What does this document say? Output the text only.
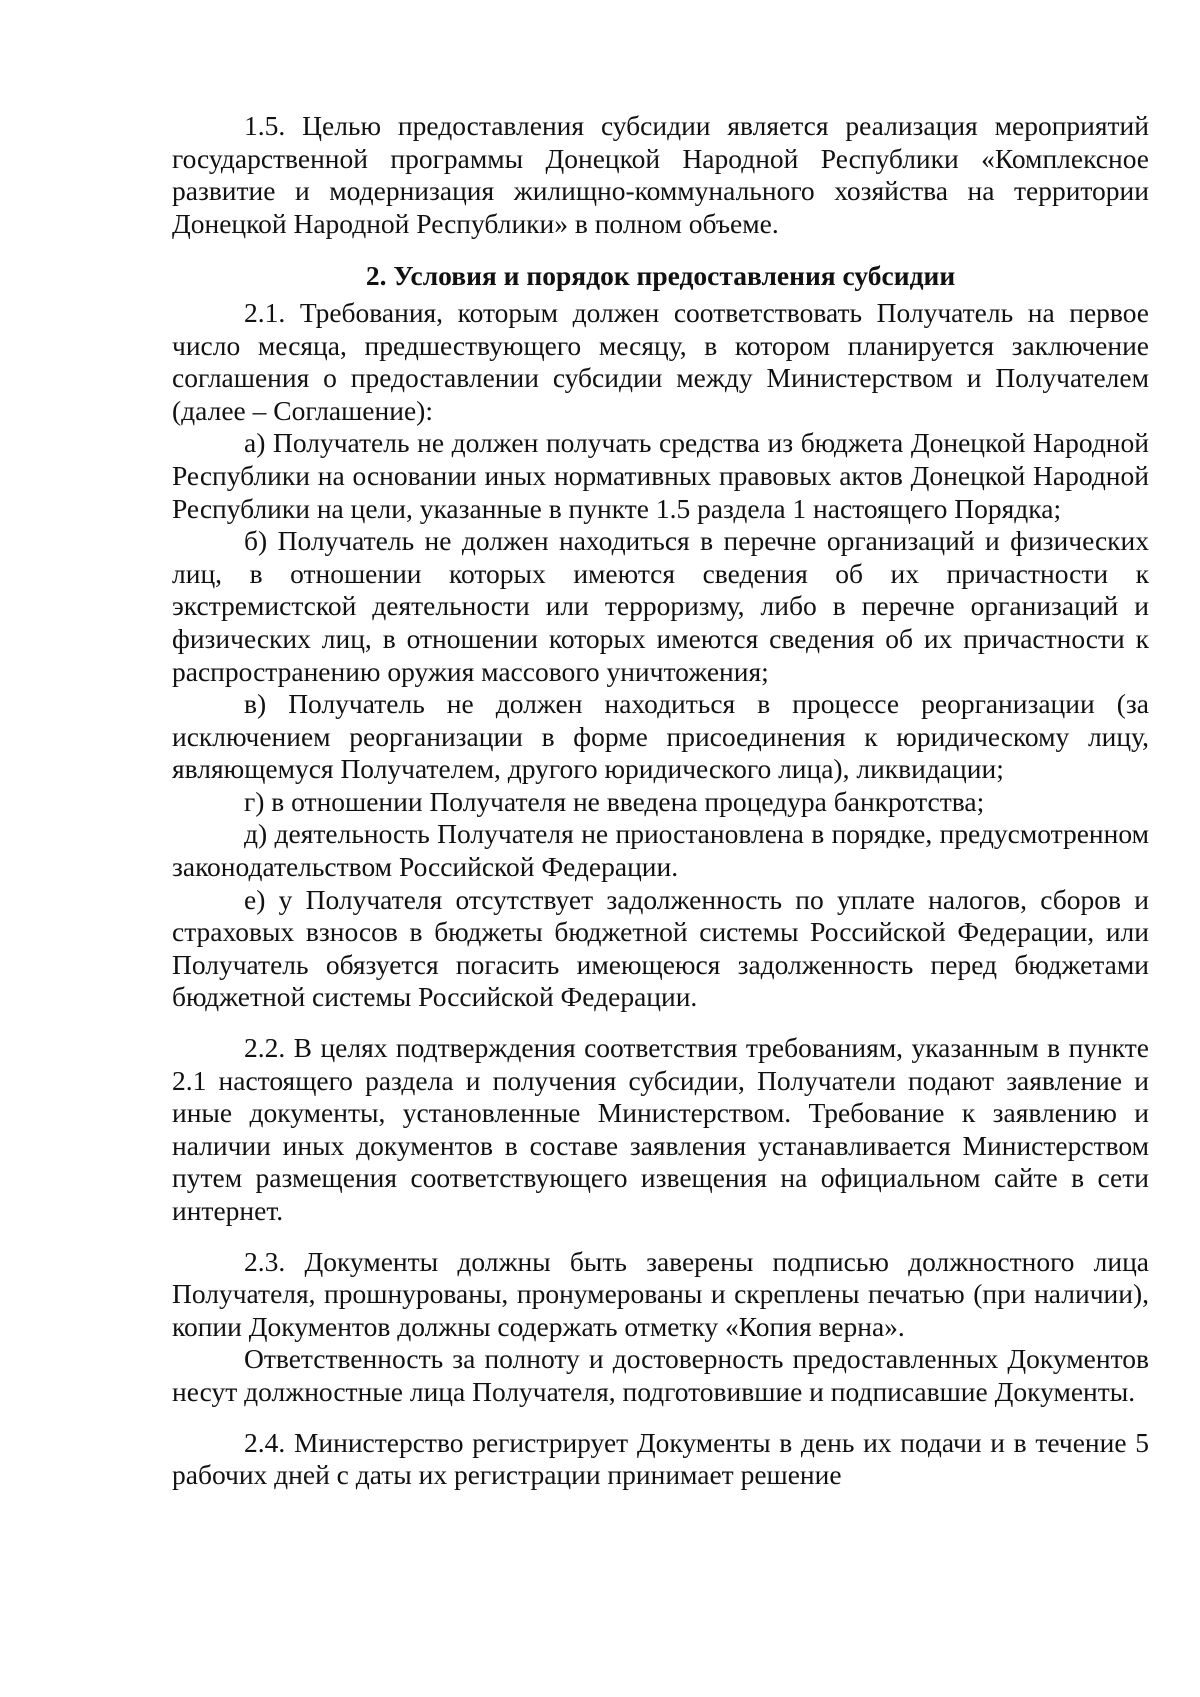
1.5. Целью предоставления субсидии является реализация мероприятий государственной программы Донецкой Народной Республики «Комплексное развитие и модернизация жилищно-коммунального хозяйства на территории Донецкой Народной Республики» в полном объеме.

2. Условия и порядок предоставления субсидии

2.1. Требования, которым должен соответствовать Получатель на первое число месяца, предшествующего месяцу, в котором планируется заключение соглашения о предоставлении субсидии между Министерством и Получателем (далее – Соглашение):

а) Получатель не должен получать средства из бюджета Донецкой Народной Республики на основании иных нормативных правовых актов Донецкой Народной Республики на цели, указанные в пункте 1.5 раздела 1 настоящего Порядка;

б) Получатель не должен находиться в перечне организаций и физических лиц, в отношении которых имеются сведения об их причастности к экстремистской деятельности или терроризму, либо в перечне организаций и физических лиц, в отношении которых имеются сведения об их причастности к распространению оружия массового уничтожения;

в) Получатель не должен находиться в процессе реорганизации (за исключением реорганизации в форме присоединения к юридическому лицу, являющемуся Получателем, другого юридического лица), ликвидации;

г) в отношении Получателя не введена процедура банкротства;

д) деятельность Получателя не приостановлена в порядке, предусмотренном законодательством Российской Федерации.

е) у Получателя отсутствует задолженность по уплате налогов, сборов и страховых взносов в бюджеты бюджетной системы Российской Федерации, или Получатель обязуется погасить имеющеюся задолженность перед бюджетами бюджетной системы Российской Федерации.

2.2. В целях подтверждения соответствия требованиям, указанным в пункте 2.1 настоящего раздела и получения субсидии, Получатели подают заявление и иные документы, установленные Министерством. Требование к заявлению и наличии иных документов в составе заявления устанавливается Министерством путем размещения соответствующего извещения на официальном сайте в сети интернет.

2.3. Документы должны быть заверены подписью должностного лица Получателя, прошнурованы, пронумерованы и скреплены печатью (при наличии), копии Документов должны содержать отметку «Копия верна».

Ответственность за полноту и достоверность предоставленных Документов несут должностные лица Получателя, подготовившие и подписавшие Документы.

2.4. Министерство регистрирует Документы в день их подачи и в течение 5 рабочих дней с даты их регистрации принимает решение
